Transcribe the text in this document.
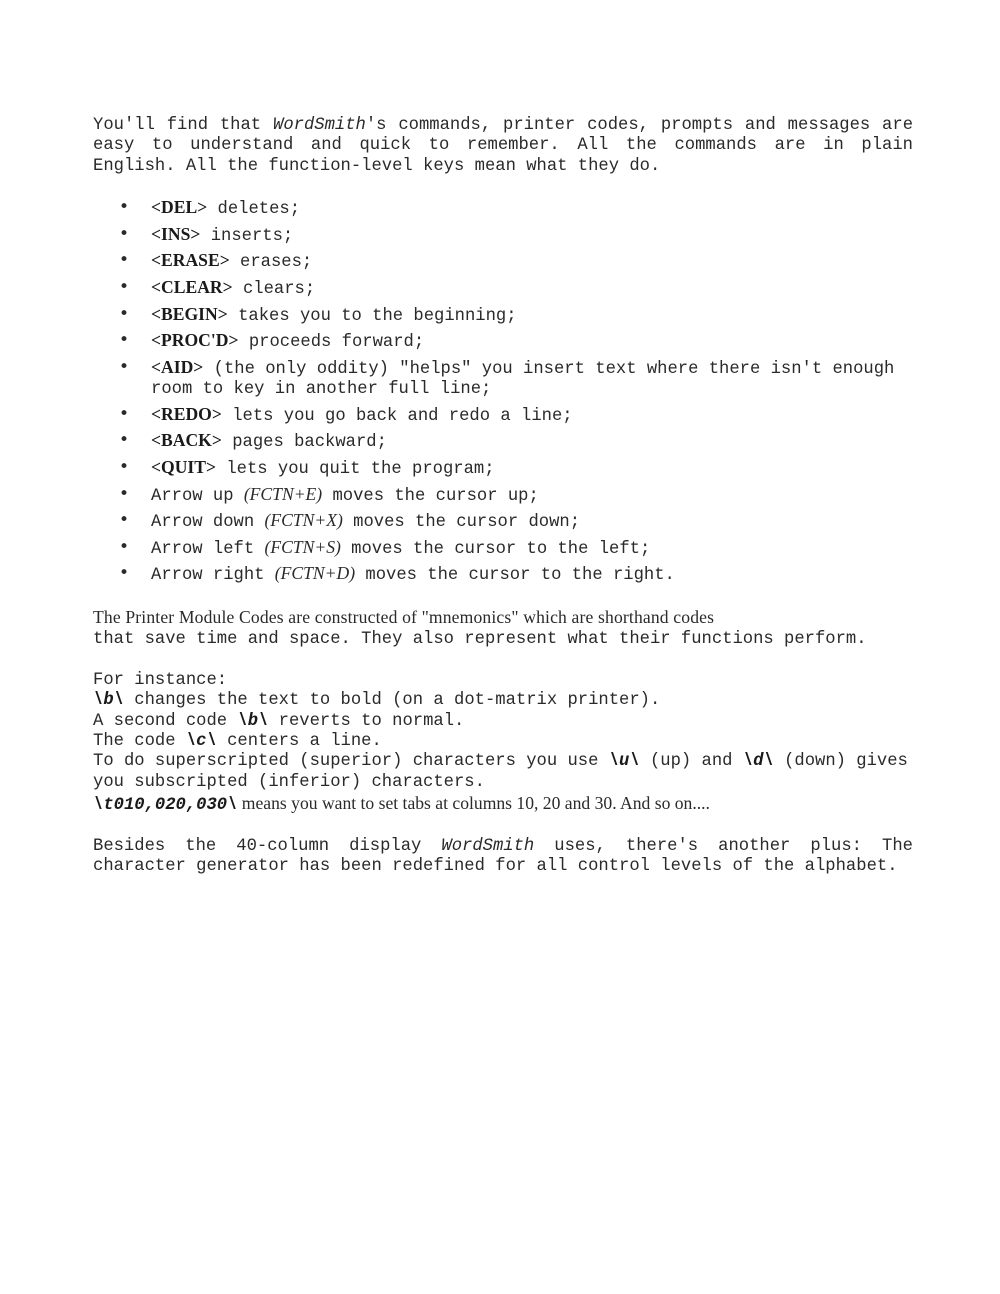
You'll find that WordSmith's commands, printer codes, prompts and messages are easy to understand and quick to remember. All the commands are in plain English. All the function-level keys mean what they do.

• <DEL> deletes;
• <INS> inserts;
• <ERASE> erases;
• <CLEAR> clears;
• <BEGIN> takes you to the beginning;
• <PROC'D> proceeds forward;
• <AID> (the only oddity) "helps" you insert text where there isn't enough room to key in another full line;
• <REDO> lets you go back and redo a line;
• <BACK> pages backward;
• <QUIT> lets you quit the program;
• Arrow up (FCTN+E) moves the cursor up;
• Arrow down (FCTN+X) moves the cursor down;
• Arrow left (FCTN+S) moves the cursor to the left;
• Arrow right (FCTN+D) moves the cursor to the right.

The Printer Module Codes are constructed of "mnemonics" which are shorthand codes
that save time and space. They also represent what their functions perform.

For instance:

\b\ changes the text to bold (on a dot-matrix printer).

A second code \b\ reverts to normal.

The code \c\ centers a line.

To do superscripted (superior) characters you use \u\ (up) and \d\ (down) gives you subscripted (inferior) characters.

\t010,020,030\ means you want to set tabs at columns 10, 20 and 30. And so on....

Besides the 40-column display WordSmith uses, there's another plus: The character generator has been redefined for all control levels of the alphabet.
